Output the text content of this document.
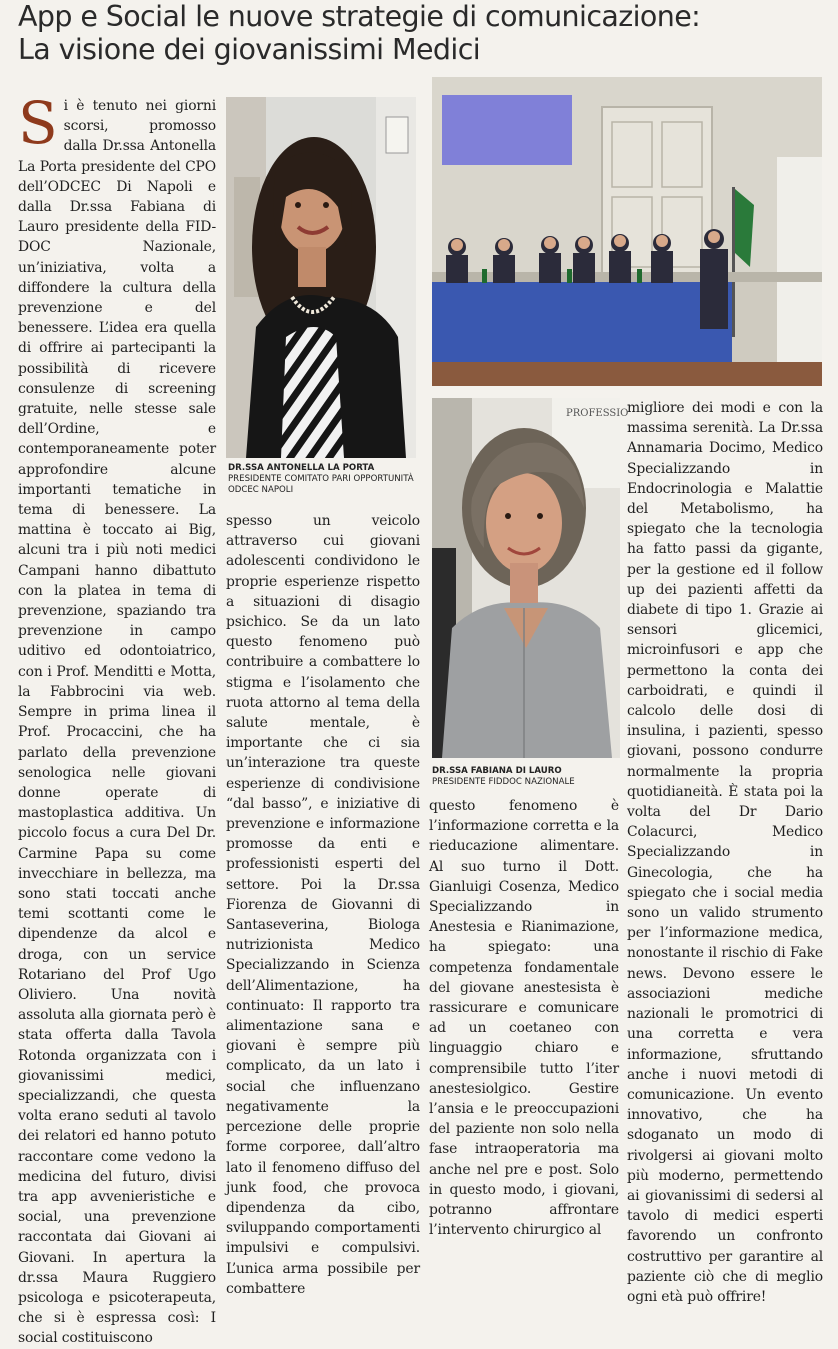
App e Social le nuove strategie di comunicazione:
La visione dei giovanissimi Medici

Si è tenuto nei giorni scorsi, promosso dalla Dr.ssa Antonella La Porta presidente del CPO dell’ODCEC Di Napoli e dalla Dr.ssa Fabiana di Lauro presidente della FID-DOC Nazionale, un’iniziativa, volta a diffondere la cultura della prevenzione e del benessere. L’idea era quella di offrire ai partecipanti la possibilità di ricevere consulenze di screening gratuite, nelle stesse sale dell’Ordine, e contemporaneamente poter approfondire alcune importanti tematiche in tema di benessere. La mattina è toccato ai Big, alcuni tra i più noti medici Campani hanno dibattuto con la platea in tema di prevenzione, spaziando tra prevenzione in campo uditivo ed odontoiatrico, con i Prof. Menditti e Motta, la Fabbrocini via web. Sempre in prima linea il Prof. Procaccini, che ha parlato della prevenzione senologica nelle giovani donne operate di mastoplastica additiva. Un piccolo focus a cura Del Dr. Carmine Papa su come invecchiare in bellezza, ma sono stati toccati anche temi scottanti come le dipendenze da alcol e droga, con un service Rotariano del Prof Ugo Oliviero. Una novità assoluta alla giornata però è stata offerta dalla Tavola Rotonda organizzata con i giovanissimi medici, specializzandi, che questa volta erano seduti al tavolo dei relatori ed hanno potuto raccontare come vedono la medicina del futuro, divisi tra app avvenieristiche e social, una prevenzione raccontata dai Giovani ai Giovani. In apertura la dr.ssa Maura Ruggiero psicologa e psicoterapeuta, che si è espressa così: I social costituiscono

DR.SSA ANTONELLA LA PORTA
PRESIDENTE COMITATO PARI OPPORTUNITÀ ODCEC NAPOLI
PROFESSIO
DR.SSA FABIANA DI LAURO
PRESIDENTE FIDDOC NAZIONALE

spesso un veicolo attraverso cui giovani adolescenti condividono le proprie esperienze rispetto a situazioni di disagio psichico. Se da un lato questo fenomeno può contribuire a combattere lo stigma e l’isolamento che ruota attorno al tema della salute mentale, è importante che ci sia un’interazione tra queste esperienze di condivisione “dal basso”, e iniziative di prevenzione e informazione promosse da enti e professionisti esperti del settore. Poi la Dr.ssa Fiorenza de Giovanni di Santaseverina, Biologa nutrizionista Medico Specializzando in Scienza dell’Alimentazione, ha continuato: Il rapporto tra alimentazione sana e giovani è sempre più complicato, da un lato i social che influenzano negativamente la percezione delle proprie forme corporee, dall’altro lato il fenomeno diffuso del junk food, che provoca dipendenza da cibo, sviluppando comportamenti impulsivi e compulsivi. L’unica arma possibile per combattere

questo fenomeno è l’informazione corretta e la rieducazione alimentare. Al suo turno il Dott. Gianluigi Cosenza, Medico Specializzando in Anestesia e Rianimazione, ha spiegato: una competenza fondamentale del giovane anestesista è rassicurare e comunicare ad un coetaneo con linguaggio chiaro e comprensibile tutto l’iter anestesiolgico. Gestire l’ansia e le preoccupazioni del paziente non solo nella fase intraoperatoria ma anche nel pre e post. Solo in questo modo, i giovani, potranno affrontare l’intervento chirurgico al

migliore dei modi e con la massima serenità. La Dr.ssa Annamaria Docimo, Medico Specializzando in Endocrinologia e Malattie del Metabolismo, ha spiegato che la tecnologia ha fatto passi da gigante, per la gestione ed il follow up dei pazienti affetti da diabete di tipo 1. Grazie ai sensori glicemici, microinfusori e app che permettono la conta dei carboidrati, e quindi il calcolo delle dosi di insulina, i pazienti, spesso giovani, possono condurre normalmente la propria quotidianeità. È stata poi la volta del Dr Dario Colacurci, Medico Specializzando in Ginecologia, che ha spiegato che i social media sono un valido strumento per l’informazione medica, nonostante il rischio di Fake news. Devono essere le associazioni mediche nazionali le promotrici di una corretta e vera informazione, sfruttando anche i nuovi metodi di comunicazione. Un evento innovativo, che ha sdoganato un modo di rivolgersi ai giovani molto più moderno, permettendo ai giovanissimi di sedersi al tavolo di medici esperti favorendo un confronto costruttivo per garantire al paziente ciò che di meglio ogni età può offrire!
